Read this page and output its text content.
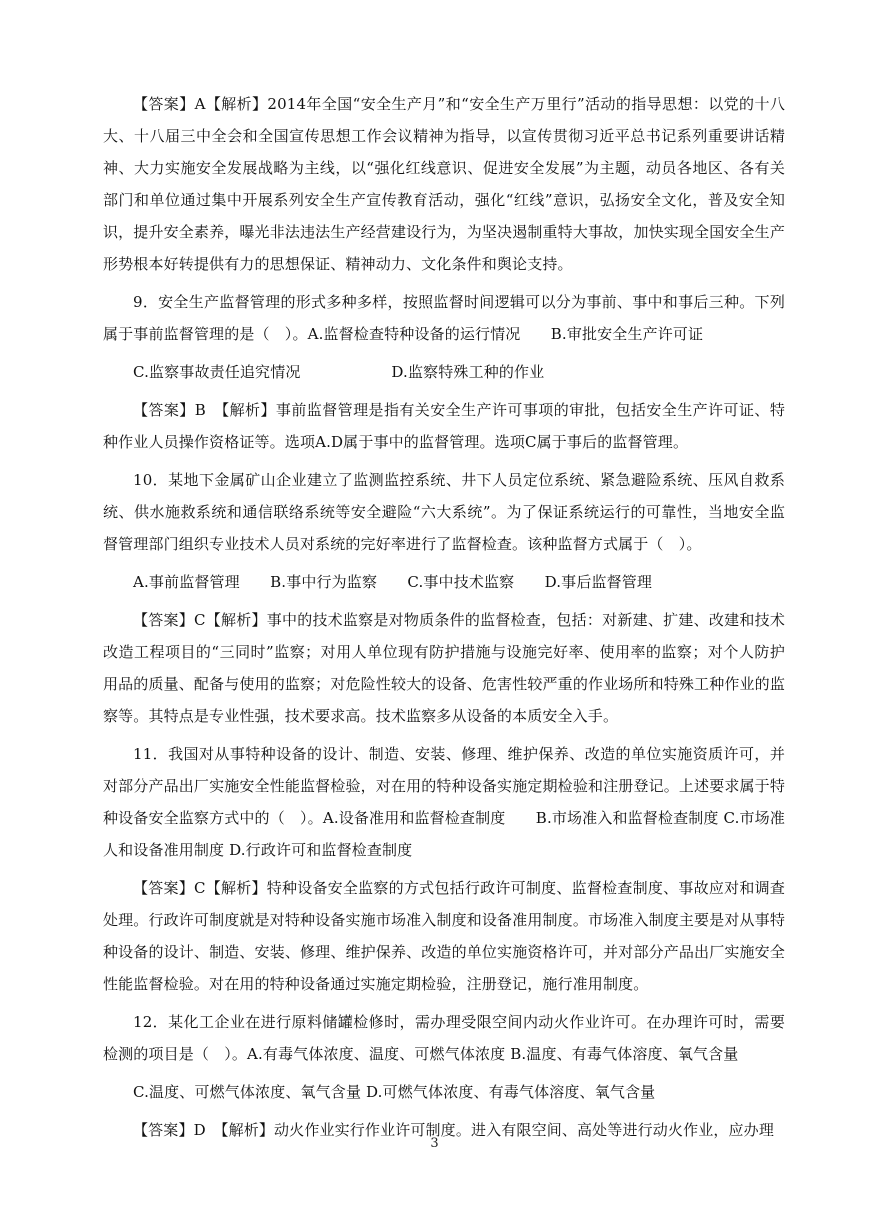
【答案】A【解析】2014年全国“安全生产月”和“安全生产万里行”活动的指导思想：以党的十八大、十八届三中全会和全国宣传思想工作会议精神为指导，以宣传贯彻习近平总书记系列重要讲话精神、大力实施安全发展战略为主线，以“强化红线意识、促进安全发展”为主题，动员各地区、各有关部门和单位通过集中开展系列安全生产宣传教育活动，强化“红线”意识，弘扬安全文化，普及安全知识，提升安全素养，曝光非法违法生产经营建设行为，为坚决遏制重特大事故，加快实现全国安全生产形势根本好转提供有力的思想保证、精神动力、文化条件和舆论支持。

9．安全生产监督管理的形式多种多样，按照监督时间逻辑可以分为事前、事中和事后三种。下列属于事前监督管理的是（　）。A.监督检查特种设备的运行情况　　B.审批安全生产许可证

C.监察事故责任追究情况　　　　　　D.监察特殊工种的作业

【答案】B　【解析】事前监督管理是指有关安全生产许可事项的审批，包括安全生产许可证、特种作业人员操作资格证等。选项A.D属于事中的监督管理。选项C属于事后的监督管理。

10．某地下金属矿山企业建立了监测监控系统、井下人员定位系统、紧急避险系统、压风自救系统、供水施救系统和通信联络系统等安全避险“六大系统”。为了保证系统运行的可靠性，当地安全监督管理部门组织专业技术人员对系统的完好率进行了监督检查。该种监督方式属于（　）。

A.事前监督管理　　B.事中行为监察　　C.事中技术监察　　D.事后监督管理

【答案】C【解析】事中的技术监察是对物质条件的监督检查，包括：对新建、扩建、改建和技术改造工程项目的“三同时”监察；对用人单位现有防护措施与设施完好率、使用率的监察；对个人防护用品的质量、配备与使用的监察；对危险性较大的设备、危害性较严重的作业场所和特殊工种作业的监察等。其特点是专业性强，技术要求高。技术监察多从设备的本质安全入手。

11．我国对从事特种设备的设计、制造、安装、修理、维护保养、改造的单位实施资质许可，并对部分产品出厂实施安全性能监督检验，对在用的特种设备实施定期检验和注册登记。上述要求属于特种设备安全监察方式中的（　）。A.设备准用和监督检查制度　　B.市场准入和监督检查制度 C.市场准人和设备准用制度 D.行政许可和监督检查制度

【答案】C【解析】特种设备安全监察的方式包括行政许可制度、监督检查制度、事故应对和调查处理。行政许可制度就是对特种设备实施市场准入制度和设备准用制度。市场准入制度主要是对从事特种设备的设计、制造、安装、修理、维护保养、改造的单位实施资格许可，并对部分产品出厂实施安全性能监督检验。对在用的特种设备通过实施定期检验，注册登记，施行准用制度。

12．某化工企业在进行原料储罐检修时，需办理受限空间内动火作业许可。在办理许可时，需要检测的项目是（　）。A.有毒气体浓度、温度、可燃气体浓度 B.温度、有毒气体溶度、氧气含量

C.温度、可燃气体浓度、氧气含量 D.可燃气体浓度、有毒气体溶度、氧气含量

【答案】D　【解析】动火作业实行作业许可制度。进入有限空间、高处等进行动火作业，应办理

3
